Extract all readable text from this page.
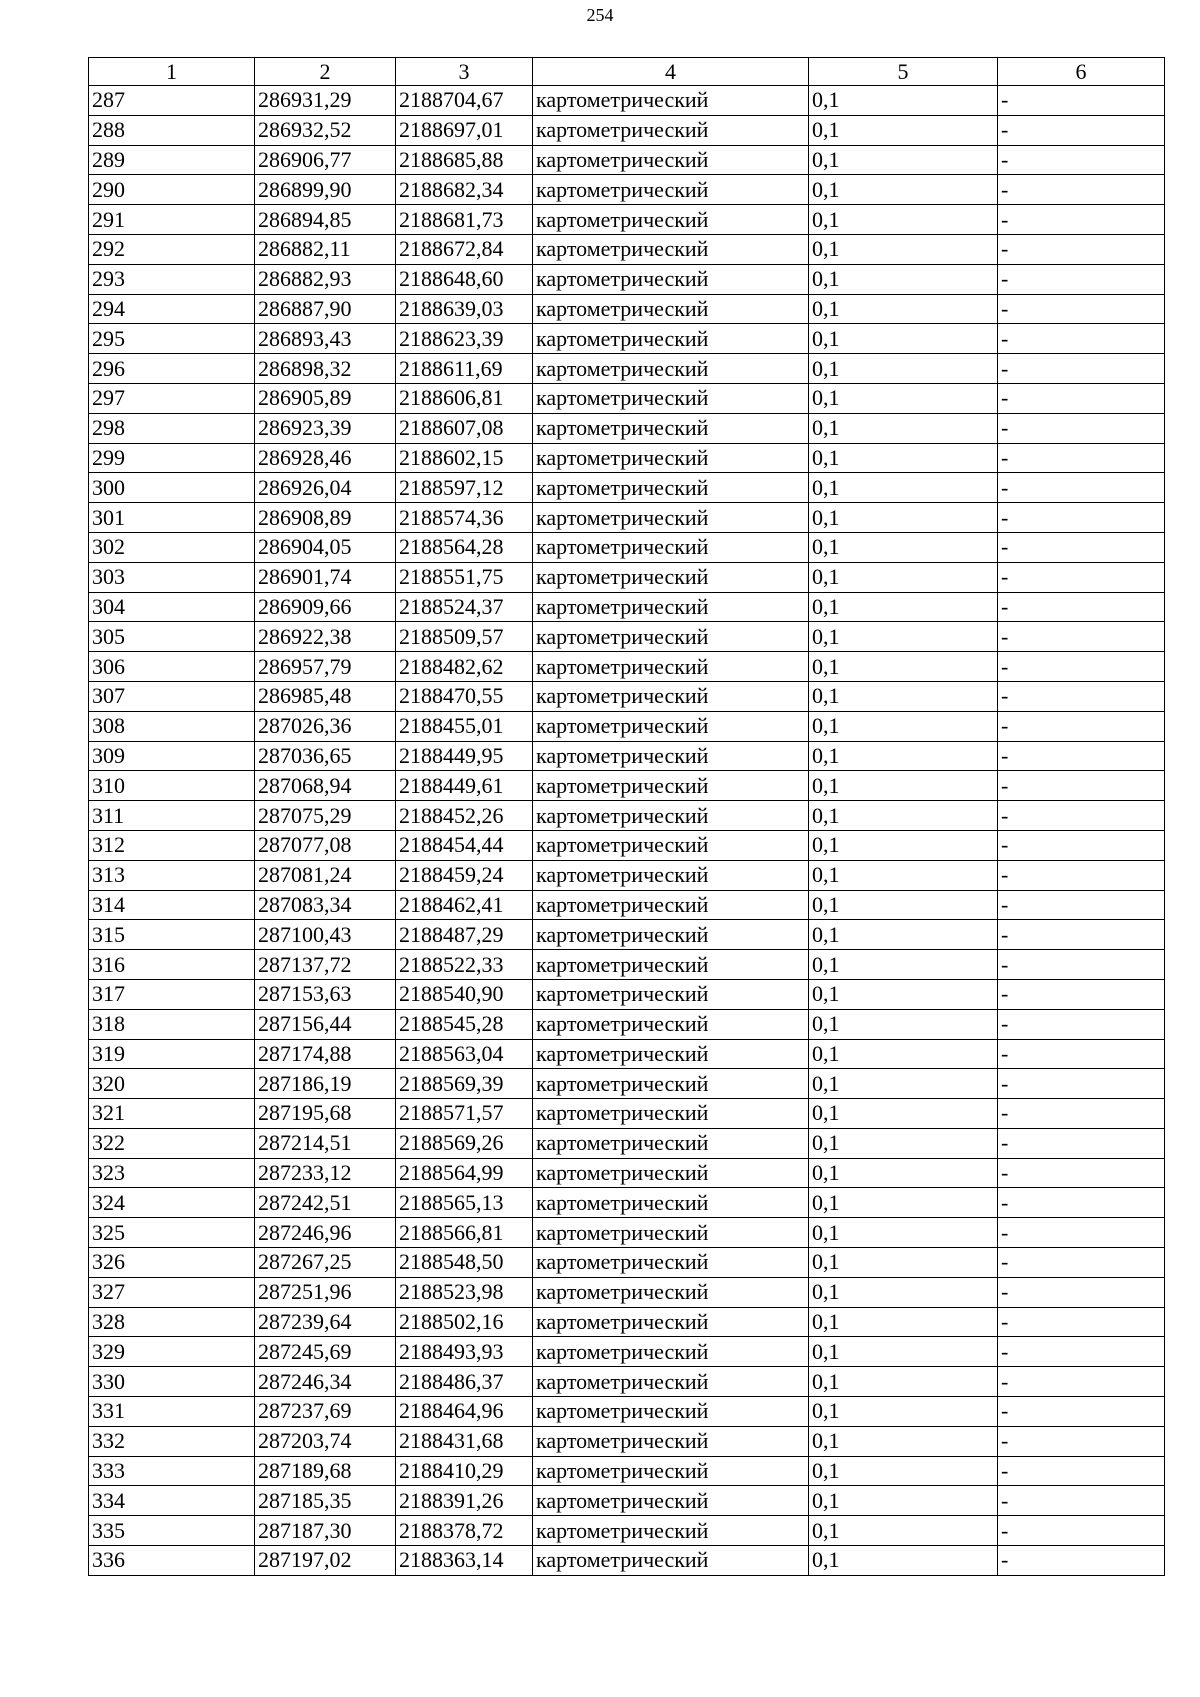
254
1	2	3	4	5	6
287	286931,29	2188704,67	картометрический	0,1	-
288	286932,52	2188697,01	картометрический	0,1	-
289	286906,77	2188685,88	картометрический	0,1	-
290	286899,90	2188682,34	картометрический	0,1	-
291	286894,85	2188681,73	картометрический	0,1	-
292	286882,11	2188672,84	картометрический	0,1	-
293	286882,93	2188648,60	картометрический	0,1	-
294	286887,90	2188639,03	картометрический	0,1	-
295	286893,43	2188623,39	картометрический	0,1	-
296	286898,32	2188611,69	картометрический	0,1	-
297	286905,89	2188606,81	картометрический	0,1	-
298	286923,39	2188607,08	картометрический	0,1	-
299	286928,46	2188602,15	картометрический	0,1	-
300	286926,04	2188597,12	картометрический	0,1	-
301	286908,89	2188574,36	картометрический	0,1	-
302	286904,05	2188564,28	картометрический	0,1	-
303	286901,74	2188551,75	картометрический	0,1	-
304	286909,66	2188524,37	картометрический	0,1	-
305	286922,38	2188509,57	картометрический	0,1	-
306	286957,79	2188482,62	картометрический	0,1	-
307	286985,48	2188470,55	картометрический	0,1	-
308	287026,36	2188455,01	картометрический	0,1	-
309	287036,65	2188449,95	картометрический	0,1	-
310	287068,94	2188449,61	картометрический	0,1	-
311	287075,29	2188452,26	картометрический	0,1	-
312	287077,08	2188454,44	картометрический	0,1	-
313	287081,24	2188459,24	картометрический	0,1	-
314	287083,34	2188462,41	картометрический	0,1	-
315	287100,43	2188487,29	картометрический	0,1	-
316	287137,72	2188522,33	картометрический	0,1	-
317	287153,63	2188540,90	картометрический	0,1	-
318	287156,44	2188545,28	картометрический	0,1	-
319	287174,88	2188563,04	картометрический	0,1	-
320	287186,19	2188569,39	картометрический	0,1	-
321	287195,68	2188571,57	картометрический	0,1	-
322	287214,51	2188569,26	картометрический	0,1	-
323	287233,12	2188564,99	картометрический	0,1	-
324	287242,51	2188565,13	картометрический	0,1	-
325	287246,96	2188566,81	картометрический	0,1	-
326	287267,25	2188548,50	картометрический	0,1	-
327	287251,96	2188523,98	картометрический	0,1	-
328	287239,64	2188502,16	картометрический	0,1	-
329	287245,69	2188493,93	картометрический	0,1	-
330	287246,34	2188486,37	картометрический	0,1	-
331	287237,69	2188464,96	картометрический	0,1	-
332	287203,74	2188431,68	картометрический	0,1	-
333	287189,68	2188410,29	картометрический	0,1	-
334	287185,35	2188391,26	картометрический	0,1	-
335	287187,30	2188378,72	картометрический	0,1	-
336	287197,02	2188363,14	картометрический	0,1	-
